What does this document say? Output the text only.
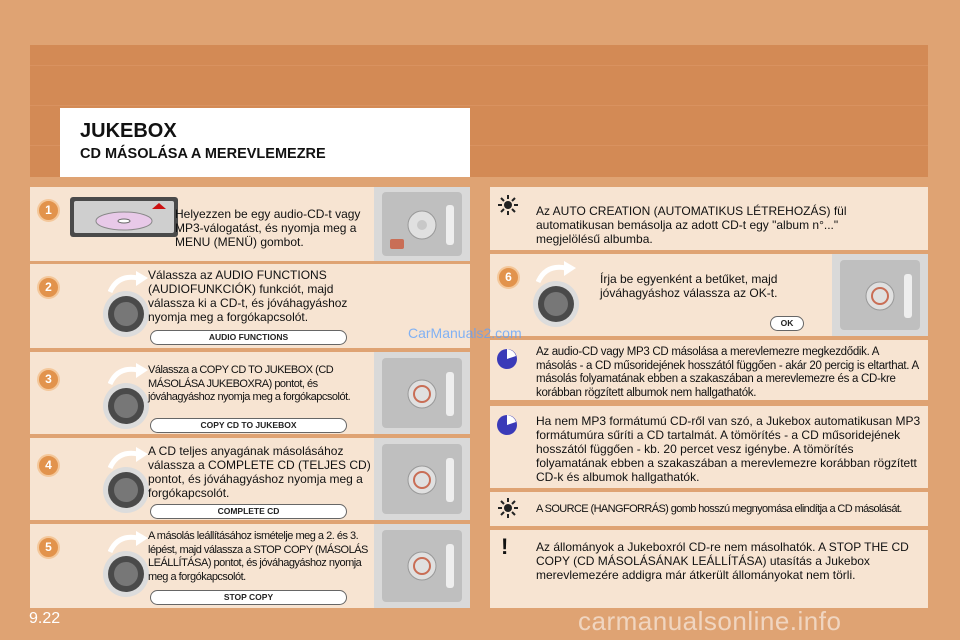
JUKEBOX
CD MÁSOLÁSA A MEREVLEMEZRE
1	Helyezzen be egy audio-CD-t vagy MP3-válogatást, és nyomja meg a MENU (MENÜ) gombot.
2
Válassza az AUDIO FUNCTIONS (AUDIOFUNKCIÓK) funkciót, majd válassza ki a CD-t, és jóváhagyáshoz nyomja meg a forgókapcsolót.
AUDIO FUNCTIONS
3
Válassza a COPY CD TO JUKEBOX (CD MÁSOLÁSA JUKEBOXRA) pontot, és jóváhagyáshoz nyomja meg a forgókapcsolót.
COPY CD TO JUKEBOX
4
A CD teljes anyagának másolásához válassza a COMPLETE CD (TELJES CD) pontot, és jóváhagyáshoz nyomja meg a forgókapcsolót.
COMPLETE CD
5
A másolás leállításához ismételje meg a 2. és 3. lépést, majd válassza a STOP COPY (MÁSOLÁS LEÁLLÍTÁSA) pontot, és jóváhagyáshoz nyomja meg a forgókapcsolót.
STOP COPY
Az AUTO CREATION (AUTOMATIKUS LÉTREHOZÁS) fül automatikusan bemásolja az adott CD-t egy "album n°..." megjelölésű albumba.
6	Írja be egyenként a betűket, majd jóváhagyáshoz válassza az OK-t.
OK
Az audio-CD vagy MP3 CD másolása a merevlemezre megkezdődik. A másolás - a CD műsoridejének hosszától függően - akár 20 percig is eltarthat. A másolás folyamatának ebben a szakaszában a merevlemezre és a CD-kre korábban rögzített albumok nem hallgathatók.
Ha nem MP3 formátumú CD-ről van szó, a Jukebox automatikusan MP3 formátumúra sűríti a CD tartalmát. A tömörítés - a CD műsoridejének hosszától függően - kb. 20 percet vesz igénybe. A tömörítés folyamatának ebben a szakaszában a merevlemezre korábban rögzített CD-k és albumok hallgathatók.
A SOURCE (HANGFORRÁS) gomb hosszú megnyomása elindítja a CD másolását.
! Az állományok a Jukeboxról CD-re nem másolhatók. A STOP THE CD COPY (CD MÁSOLÁSÁNAK LEÁLLÍTÁSA) utasítás a Jukebox merevlemezére addigra már átkerült állományokat nem törli.
9.22
CarManuals2.com
carmanualsonline.info
